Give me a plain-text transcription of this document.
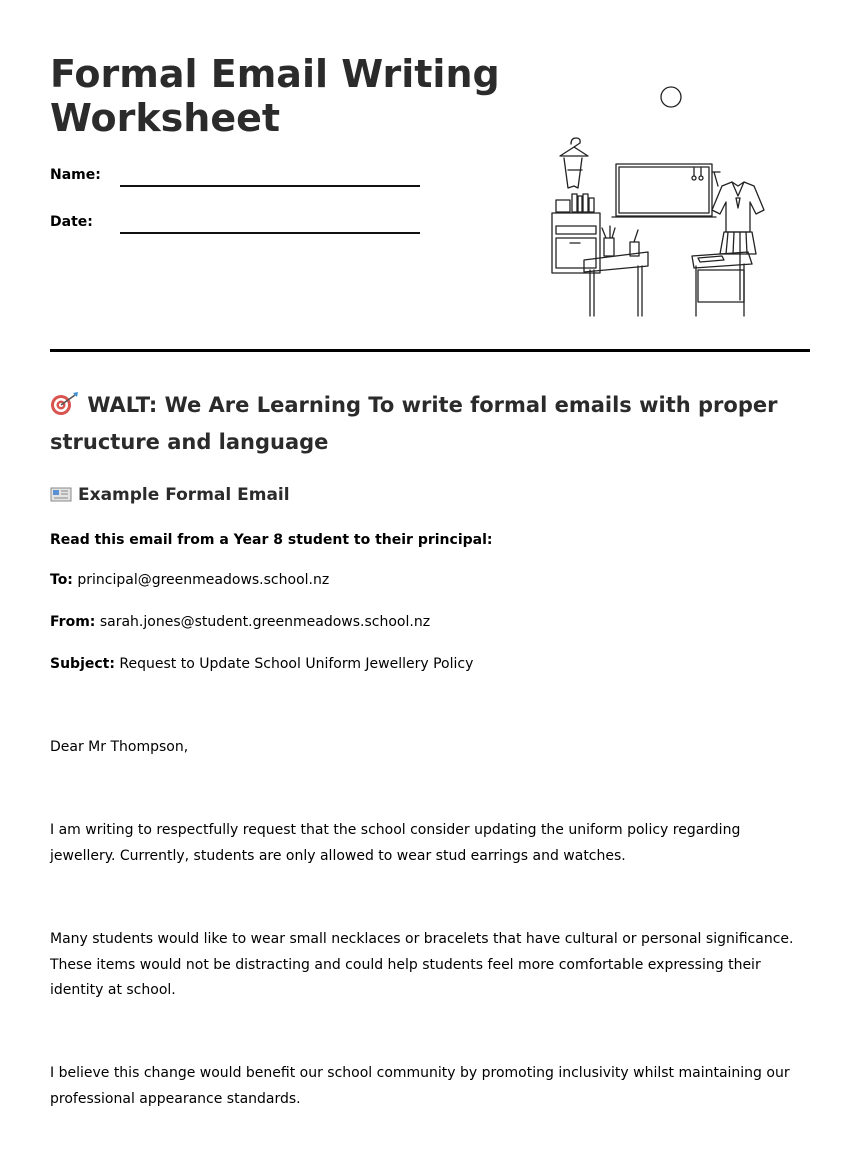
Formal Email Writing Worksheet
Name:
Date:
WALT: We Are Learning To write formal emails with proper structure and language
Example Formal Email

Read this email from a Year 8 student to their principal:

To: principal@greenmeadows.school.nz

From: sarah.jones@student.greenmeadows.school.nz

Subject: Request to Update School Uniform Jewellery Policy

Dear Mr Thompson,

I am writing to respectfully request that the school consider updating the uniform policy regarding jewellery. Currently, students are only allowed to wear stud earrings and watches.

Many students would like to wear small necklaces or bracelets that have cultural or personal significance. These items would not be distracting and could help students feel more comfortable expressing their identity at school.

I believe this change would benefit our school community by promoting inclusivity whilst maintaining our professional appearance standards.
